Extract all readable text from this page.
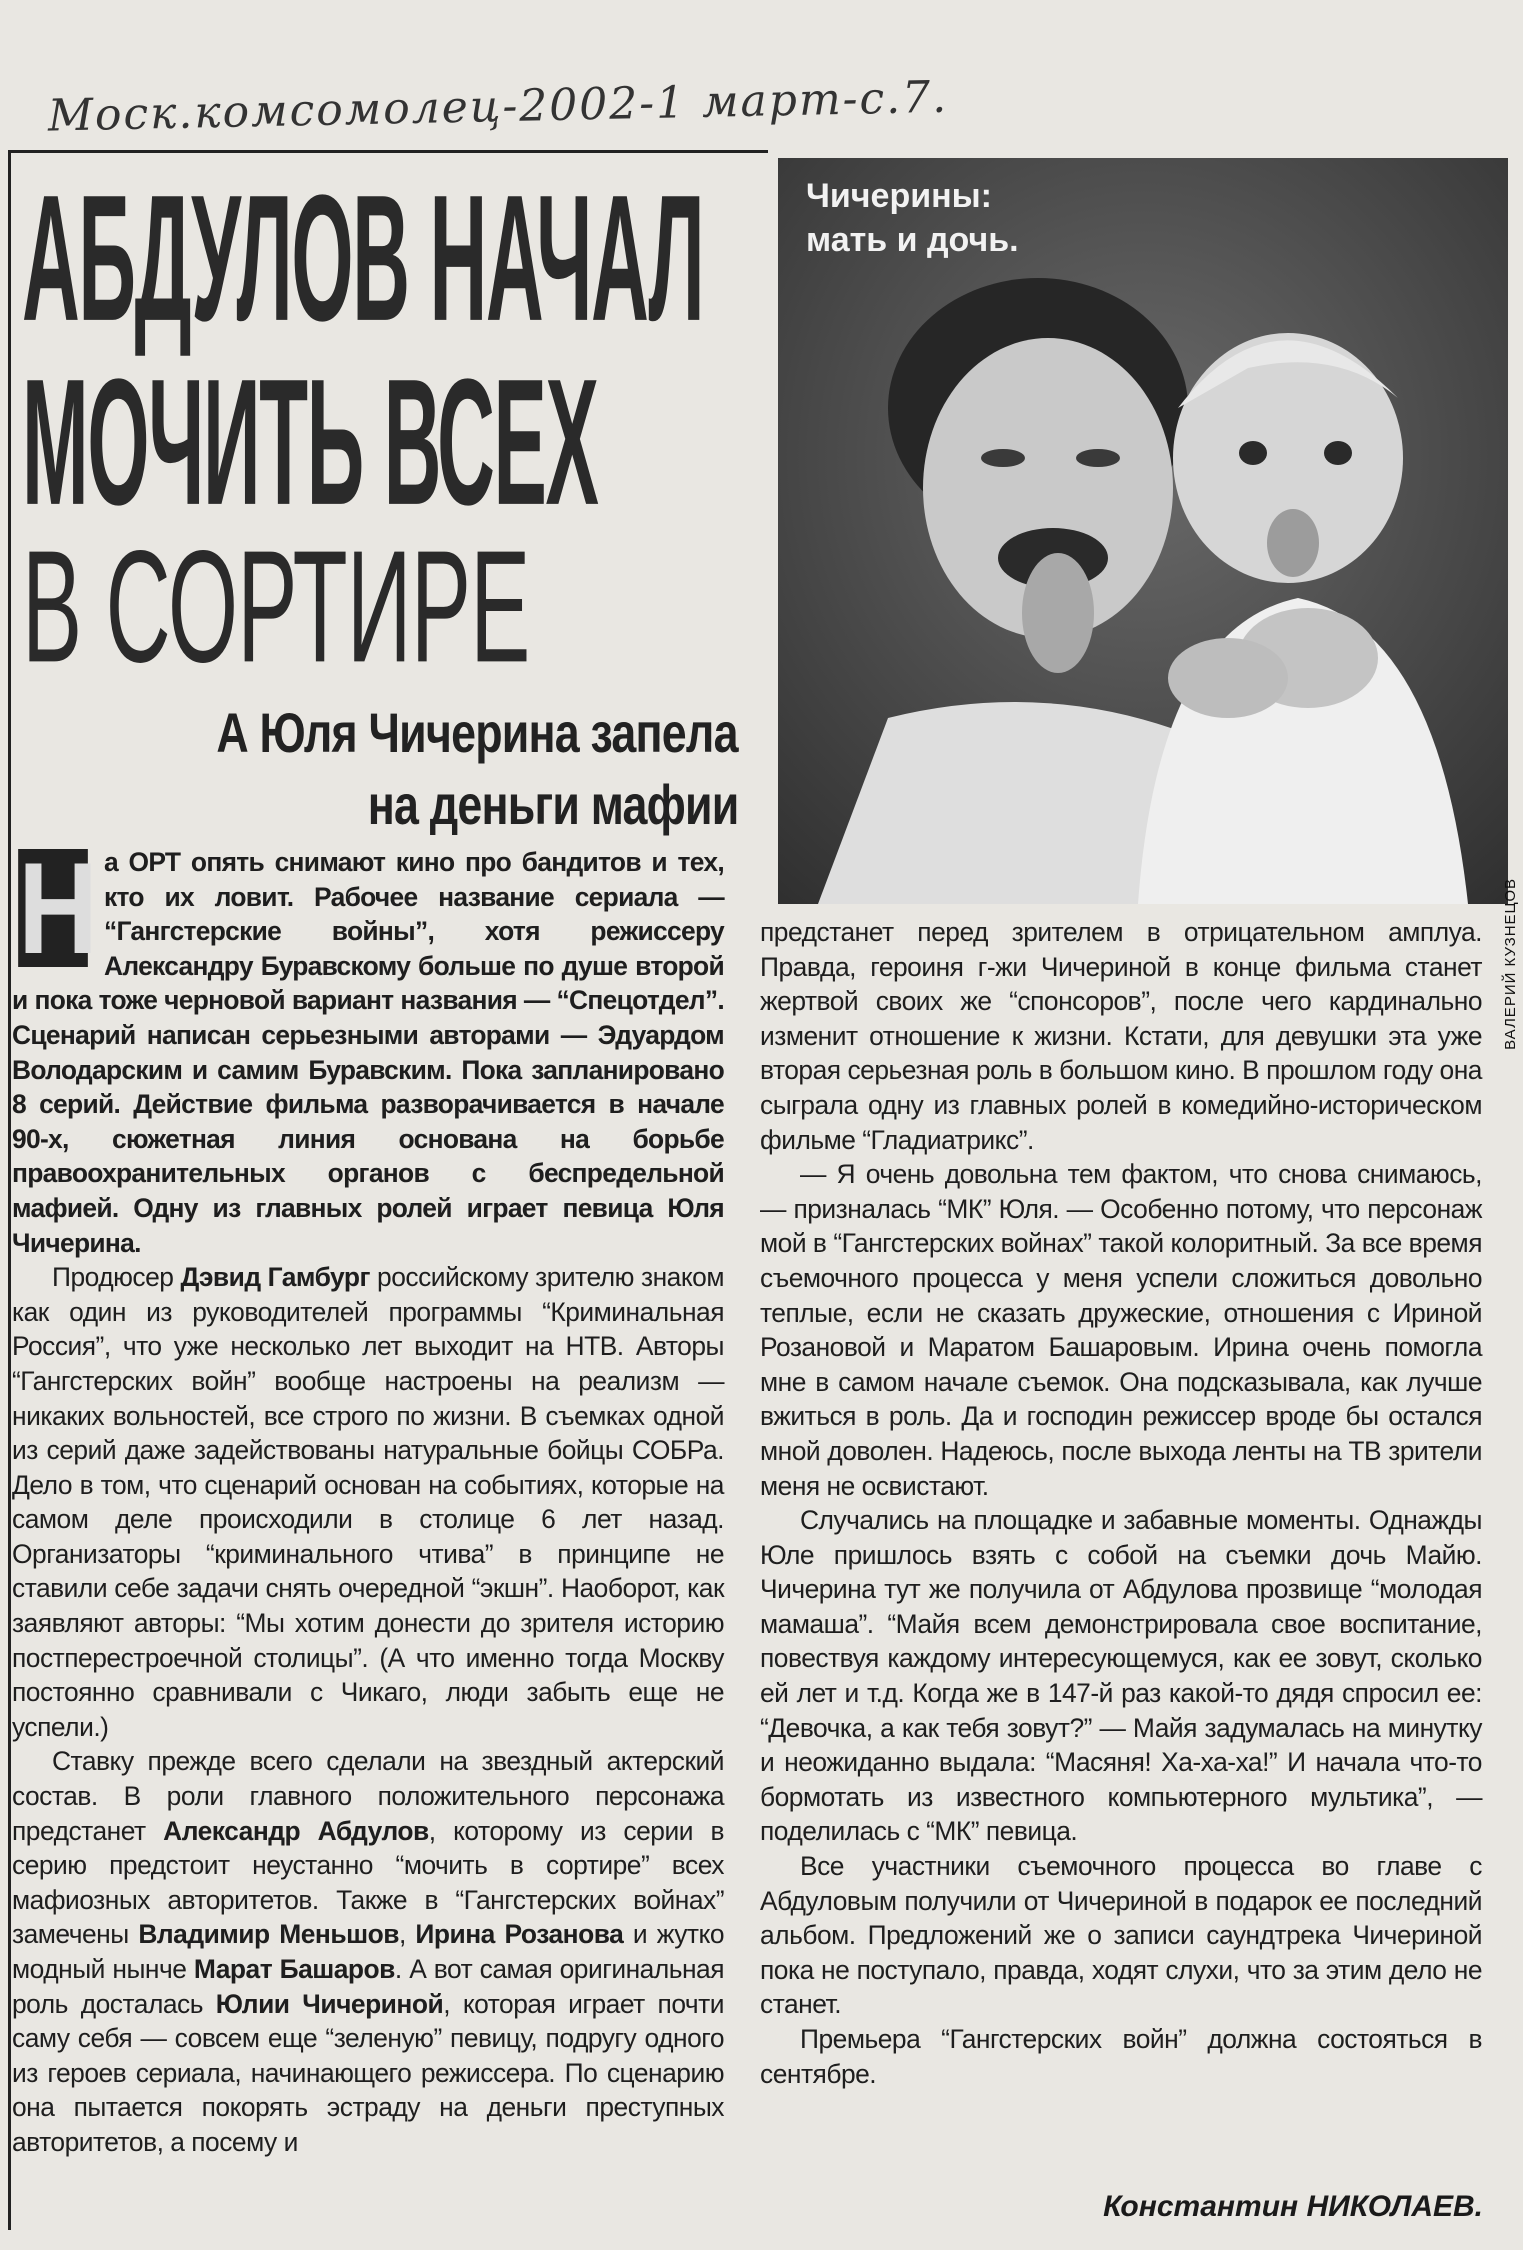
Моск.комсомолец-2002-1 март-с.7.
АБДУЛОВ НАЧАЛ
МОЧИТЬ ВСЕХ
В СОРТИРЕ
А Юля Чичерина запела
на деньги мафии
Чичерины:
мать и дочь.
ВАЛЕРИЙ КУЗНЕЦОВ
Н а ОРТ опять снимают кино про бандитов и тех, кто их ловит. Рабочее название сериала — “Гангстерские войны”, хотя режиссеру Александру Буравскому больше по душе второй и пока тоже черновой вариант названия — “Спецотдел”. Сценарий написан серьезными авторами — Эдуардом Володарским и самим Буравским. Пока запланировано 8 серий. Действие фильма разворачивается в начале 90-х, сюжетная линия основана на борьбе правоохранительных органов с беспредельной мафией. Одну из главных ролей играет певица Юля Чичерина.

Продюсер Дэвид Гамбург российскому зрителю знаком как один из руководителей программы “Криминальная Россия”, что уже несколько лет выходит на НТВ. Авторы “Гангстерских войн” вообще настроены на реализм — никаких вольностей, все строго по жизни. В съемках одной из серий даже задействованы натуральные бойцы СОБРа. Дело в том, что сценарий основан на событиях, которые на самом деле происходили в столице 6 лет назад. Организаторы “криминального чтива” в принципе не ставили себе задачи снять очередной “экшн”. Наоборот, как заявляют авторы: “Мы хотим донести до зрителя историю постперестроечной столицы”. (А что именно тогда Москву постоянно сравнивали с Чикаго, люди забыть еще не успели.)

Ставку прежде всего сделали на звездный актерский состав. В роли главного положительного персонажа предстанет Александр Абдулов, которому из серии в серию предстоит неустанно “мочить в сортире” всех мафиозных авторитетов. Также в “Гангстерских войнах” замечены Владимир Меньшов, Ирина Розанова и жутко модный нынче Марат Башаров. А вот самая оригинальная роль досталась Юлии Чичериной, которая играет почти саму себя — совсем еще “зеленую” певицу, подругу одного из героев сериала, начинающего режиссера. По сценарию она пытается покорять эстраду на деньги преступных авторитетов, а посему и

предстанет перед зрителем в отрицательном амплуа. Правда, героиня г-жи Чичериной в конце фильма станет жертвой своих же “спонсоров”, после чего кардинально изменит отношение к жизни. Кстати, для девушки эта уже вторая серьезная роль в большом кино. В прошлом году она сыграла одну из главных ролей в комедийно-историческом фильме “Гладиатрикс”.

— Я очень довольна тем фактом, что снова снимаюсь, — призналась “МК” Юля. — Особенно потому, что персонаж мой в “Гангстерских войнах” такой колоритный. За все время съемочного процесса у меня успели сложиться довольно теплые, если не сказать дружеские, отношения с Ириной Розановой и Маратом Башаровым. Ирина очень помогла мне в самом начале съемок. Она подсказывала, как лучше вжиться в роль. Да и господин режиссер вроде бы остался мной доволен. Надеюсь, после выхода ленты на ТВ зрители меня не освистают.

Случались на площадке и забавные моменты. Однажды Юле пришлось взять с собой на съемки дочь Майю. Чичерина тут же получила от Абдулова прозвище “молодая мамаша”. “Майя всем демонстрировала свое воспитание, повествуя каждому интересующемуся, как ее зовут, сколько ей лет и т.д. Когда же в 147-й раз какой-то дядя спросил ее: “Девочка, а как тебя зовут?” — Майя задумалась на минутку и неожиданно выдала: “Масяня! Ха-ха-ха!” И начала что-то бормотать из известного компьютерного мультика”, — поделилась с “МК” певица.

Все участники съемочного процесса во главе с Абдуловым получили от Чичериной в подарок ее последний альбом. Предложений же о записи саундтрека Чичериной пока не поступало, правда, ходят слухи, что за этим дело не станет.

Премьера “Гангстерских войн” должна состояться в сентябре.

Константин НИКОЛАЕВ.
